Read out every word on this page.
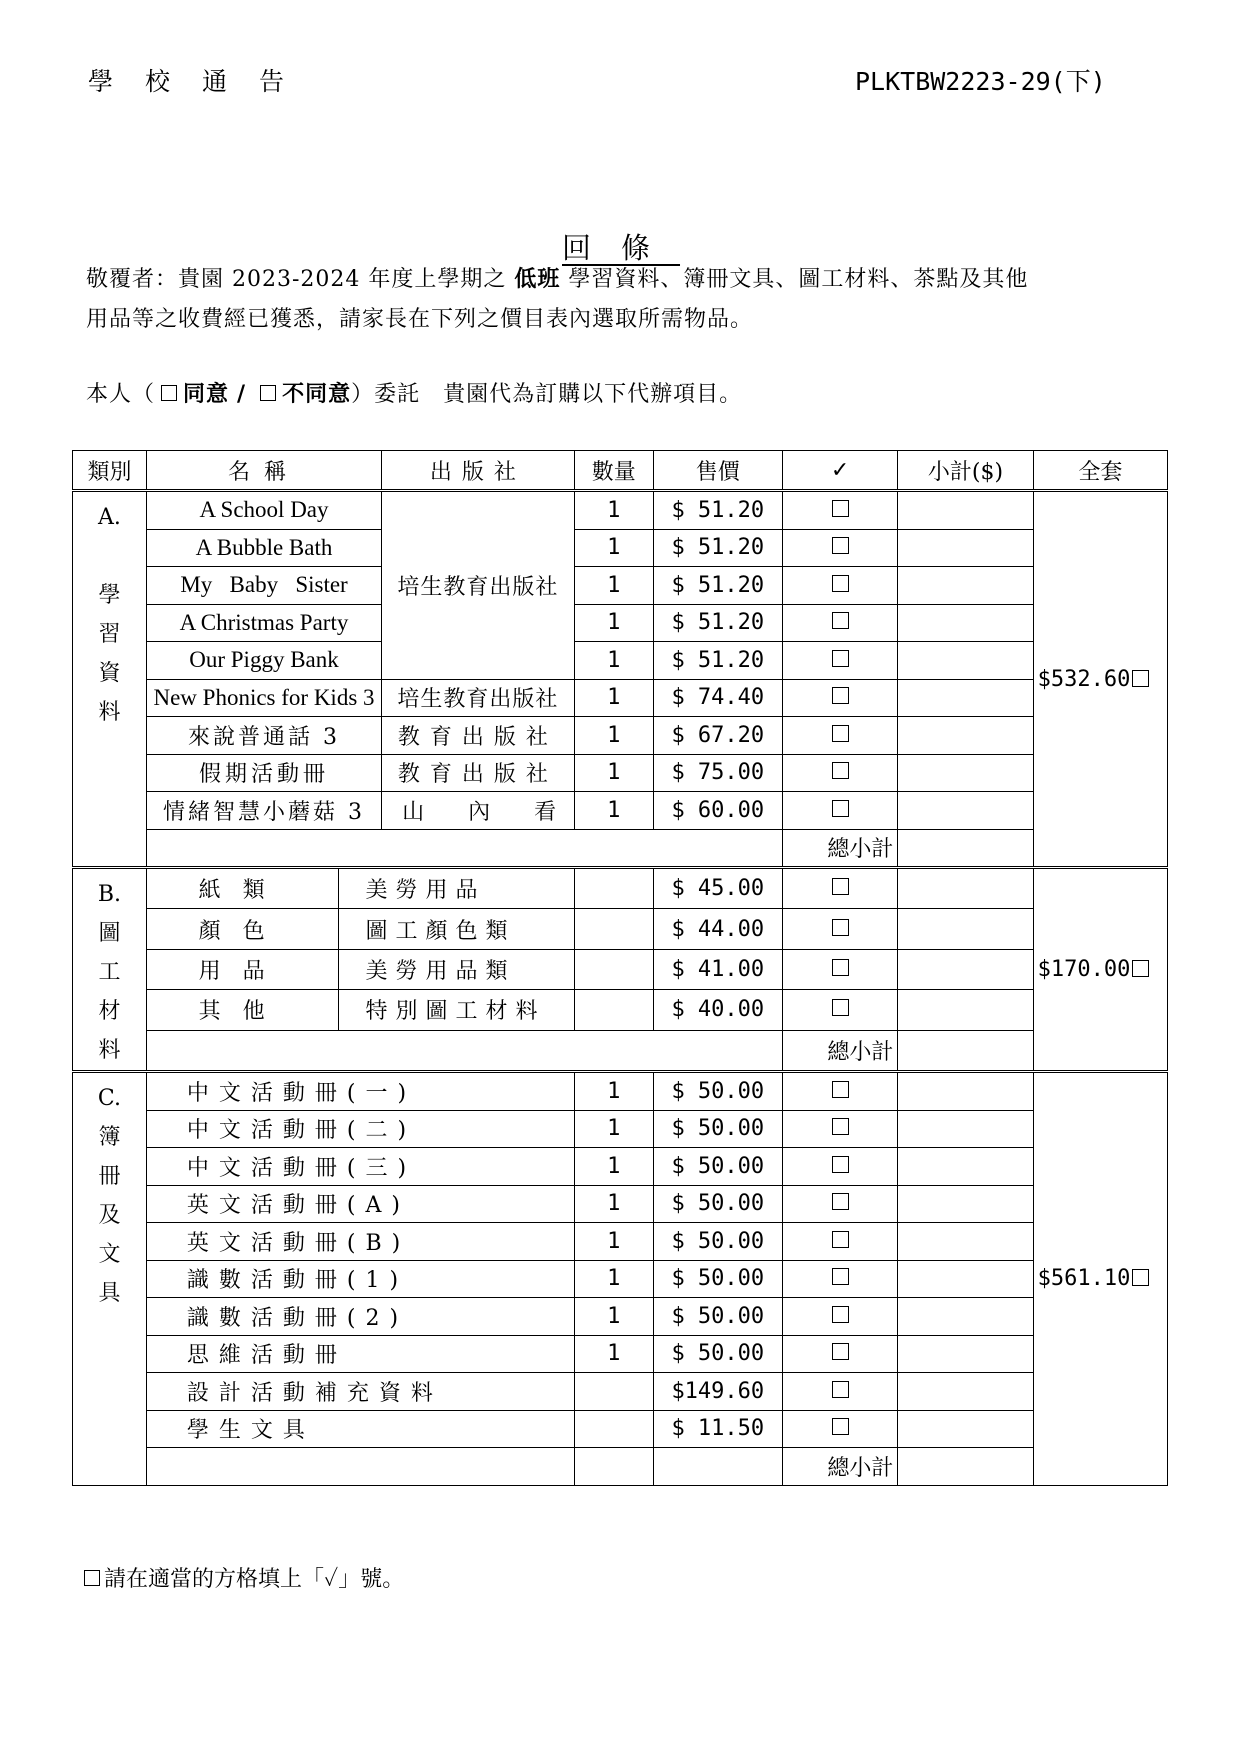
學校通告	PLKTBW2223-29(下)
回條
敬覆者：貴園 2023-2024 年度上學期之 低班 學習資料、簿冊文具、圖工材料、茶點及其他
用品等之收費經已獲悉，請家長在下列之價目表內選取所需物品。
本人（ 同意 / 不同意）委託　貴園代為訂購以下代辦項目。
類別	名稱		出版社	數量	售價	✓	小計($)	全套
A.

學習資料	A School Day		培生教育出版社	1	$ 51.20			$532.60
	A Bubble Bath			1	$ 51.20			
	My   Baby   Sister			1	$ 51.20			
	A Christmas Party			1	$ 51.20			
	Our Piggy Bank			1	$ 51.20			
	New Phonics for Kids 3		培生教育出版社	1	$ 74.40			
	來說普通話 3		教育出版社	1	$ 67.20			
	假期活動冊		教育出版社	1	$ 75.00			
	情緒智慧小蘑菇 3		山內看	1	$ 60.00			
						總小計		
B.

圖工材料	紙類	美勞用品			$ 45.00			$170.00
	顏色	圖工顏色類			$ 44.00			
	用品	美勞用品類			$ 41.00			
	其他	特別圖工材料			$ 40.00			
						總小計		
C.

簿冊及文具	中文活動冊(一)			1	$ 50.00			$561.10
	中文活動冊(二)			1	$ 50.00			
	中文活動冊(三)			1	$ 50.00			
	英文活動冊(A)			1	$ 50.00			
	英文活動冊(B)			1	$ 50.00			
	識數活動冊(1)			1	$ 50.00			
	識數活動冊(2)			1	$ 50.00			
	思維活動冊			1	$ 50.00			
	設計活動補充資料				$149.60			
	學生文具				$ 11.50			
						總小計		
請在適當的方格填上「✓」號。
